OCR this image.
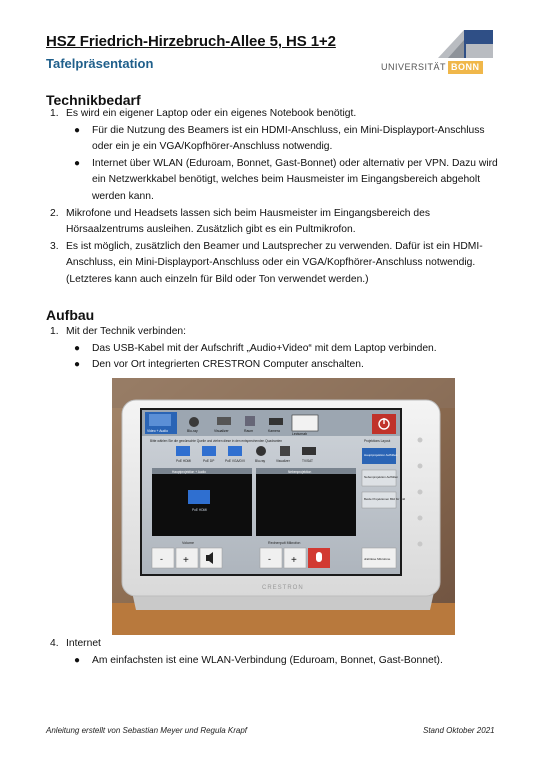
HSZ Friedrich-Hirzebruch-Allee 5, HS 1+2
Tafelpräsentation	UNIVERSITÄT BONN
Technikbedarf
1. Es wird ein eigener Laptop oder ein eigenes Notebook benötigt.
● Für die Nutzung des Beamers ist ein HDMI-Anschluss, ein Mini-Displayport-Anschluss oder ein je ein VGA/Kopfhörer-Anschluss notwendig.
● Internet über WLAN (Eduroam, Bonnet, Gast-Bonnet) oder alternativ per VPN. Dazu wird ein Netzwerkkabel benötigt, welches beim Hausmeister im Eingangsbereich abgeholt werden kann.
2. Mikrofone und Headsets lassen sich beim Hausmeister im Eingangsbereich des Hörsaalzentrums ausleihen. Zusätzlich gibt es ein Pultmikrofon.
3. Es ist möglich, zusätzlich den Beamer und Lautsprecher zu verwenden. Dafür ist ein HDMI-Anschluss, ein Mini-Displayport-Anschluss oder ein VGA/Kopfhörer-Anschluss notwendig. (Letzteres kann auch einzeln für Bild oder Ton verwendet werden.)
Aufbau
1. Mit der Technik verbinden:
● Das USB-Kabel mit der Aufschrift „Audio+Video“ mit dem Laptop verbinden.
● Den vor Ort integrierten CRESTRON Computer anschalten.
Video + Audio	Blu-ray	Visualizer	Raum	Kamera
Lecturnab
Bitte wählen Sie die gewünschte Quelle und ziehen diese in den entsprechenden Quadranten
PoE HDMI	PoE DP	PoE VGA/DVI	Blu-ray	Visualizer	TV/SAT
Hauptprojektion + Audio
PoE HDMI
Nebenprojektion
Projektions Layout
Hauptprojektion Auffüllen
Nebenprojektion Auffüllen
Beide Projektionen Bild für Bild
Volume
- +
Rednerpult Mikrofon
- +	drahtlose Mikrofone
CRESTRON
4. Internet
● Am einfachsten ist eine WLAN-Verbindung (Eduroam, Bonnet, Gast-Bonnet).
Anleitung erstellt von Sebastian Meyer und Regula Krapf	Stand Oktober 2021
